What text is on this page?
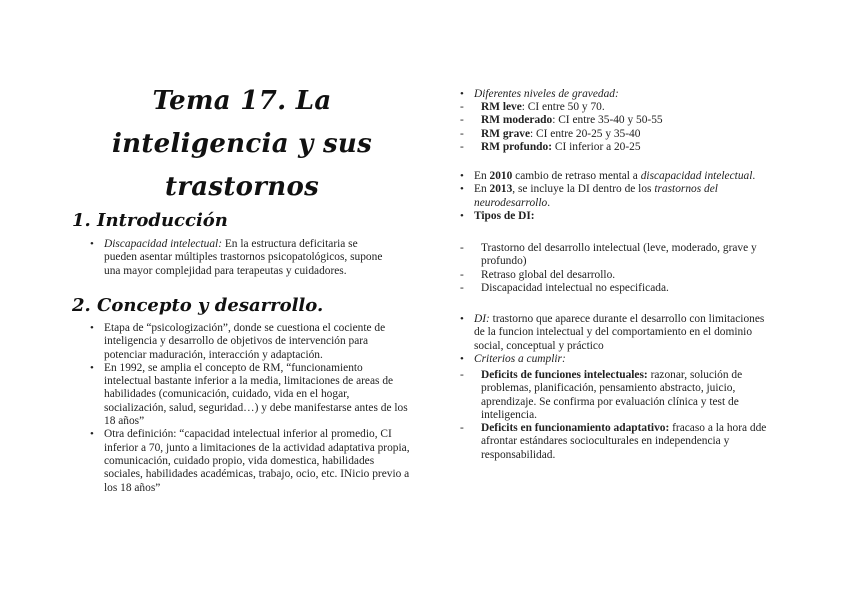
Tema 17. La inteligencia y sus trastornos
1. Introducción
• Discapacidad intelectual: En la estructura deficitaria se pueden asentar múltiples trastornos psicopatológicos, supone una mayor complejidad para terapeutas y cuidadores.
2. Concepto y desarrollo.
• Etapa de “psicologización”, donde se cuestiona el cociente de inteligencia y desarrollo de objetivos de intervención para potenciar maduración, interacción y adaptación.
• En 1992, se amplia el concepto de RM, “funcionamiento intelectual bastante inferior a la media, limitaciones de areas de habilidades (comunicación, cuidado, vida en el hogar, socialización, salud, seguridad…) y debe manifestarse antes de los 18 años”
• Otra definición: “capacidad intelectual inferior al promedio, CI inferior a 70, junto a limitaciones de la actividad adaptativa propia, comunicación, cuidado propio, vida domestica, habilidades sociales, habilidades académicas, trabajo, ocio, etc. INicio previo a los 18 años”
• Diferentes niveles de gravedad:
- RM leve: CI entre 50 y 70.
- RM moderado: CI entre 35-40 y 50-55
- RM grave: CI entre 20-25 y 35-40
- RM profundo: CI inferior a 20-25
• En 2010 cambio de retraso mental a discapacidad intelectual.
• En 2013, se incluye la DI dentro de los trastornos del neurodesarrollo.
• Tipos de DI:
- Trastorno del desarrollo intelectual (leve, moderado, grave y profundo)
- Retraso global del desarrollo.
- Discapacidad intelectual no especificada.
• DI: trastorno que aparece durante el desarrollo con limitaciones de la funcion intelectual y del comportamiento en el dominio social, conceptual y práctico
• Criterios a cumplir:
- Deficits de funciones intelectuales: razonar, solución de problemas, planificación, pensamiento abstracto, juicio, aprendizaje. Se confirma por evaluación clínica y test de inteligencia.
- Deficits en funcionamiento adaptativo: fracaso a la hora dde afrontar estándares socioculturales en independencia y responsabilidad.
